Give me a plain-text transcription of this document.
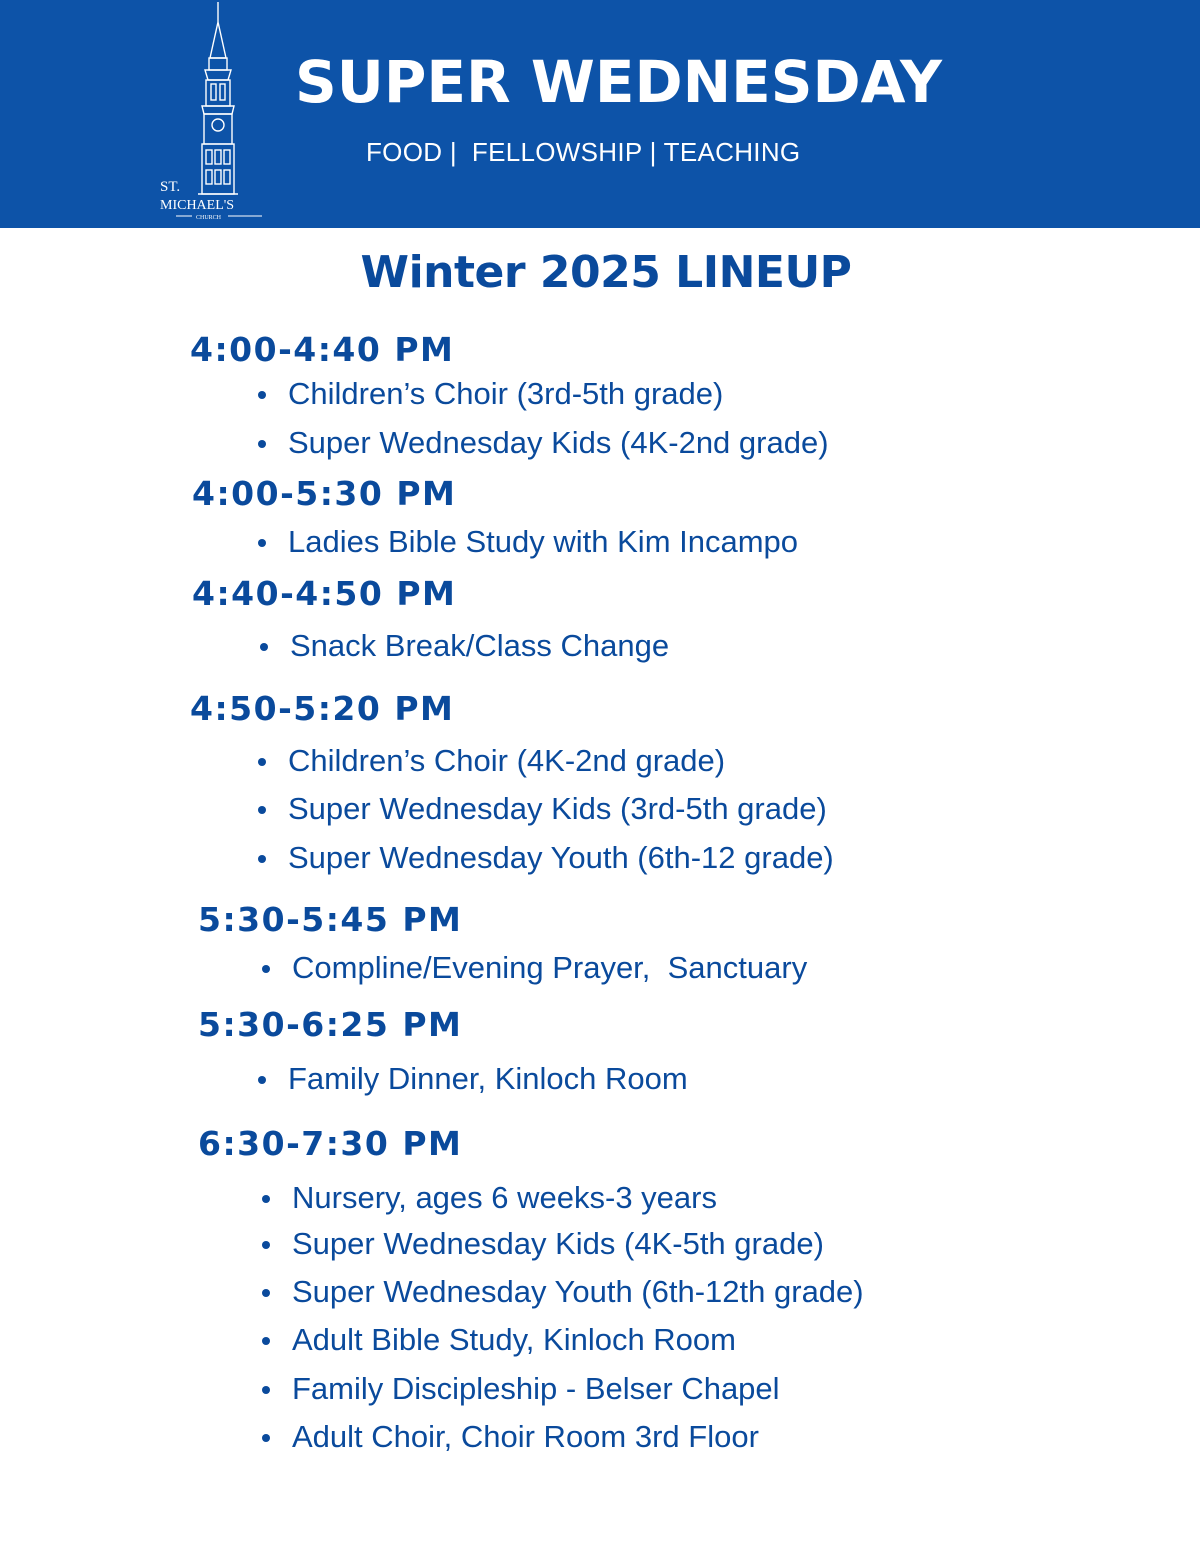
ST.
MICHAEL'S
CHURCH
SUPER WEDNESDAY
FOOD |  FELLOWSHIP | TEACHING
Winter 2025 LINEUP
4:00-4:40 PM
Children’s Choir (3rd-5th grade)
Super Wednesday Kids (4K-2nd grade)
4:00-5:30 PM
Ladies Bible Study with Kim Incampo
4:40-4:50 PM
Snack Break/Class Change
4:50-5:20 PM
Children’s Choir (4K-2nd grade)
Super Wednesday Kids (3rd-5th grade)
Super Wednesday Youth (6th-12 grade)
5:30-5:45 PM
Compline/Evening Prayer,  Sanctuary
5:30-6:25 PM
Family Dinner, Kinloch Room
6:30-7:30 PM
Nursery, ages 6 weeks-3 years
Super Wednesday Kids (4K-5th grade)
Super Wednesday Youth (6th-12th grade)
Adult Bible Study, Kinloch Room
Family Discipleship - Belser Chapel
Adult Choir, Choir Room 3rd Floor
